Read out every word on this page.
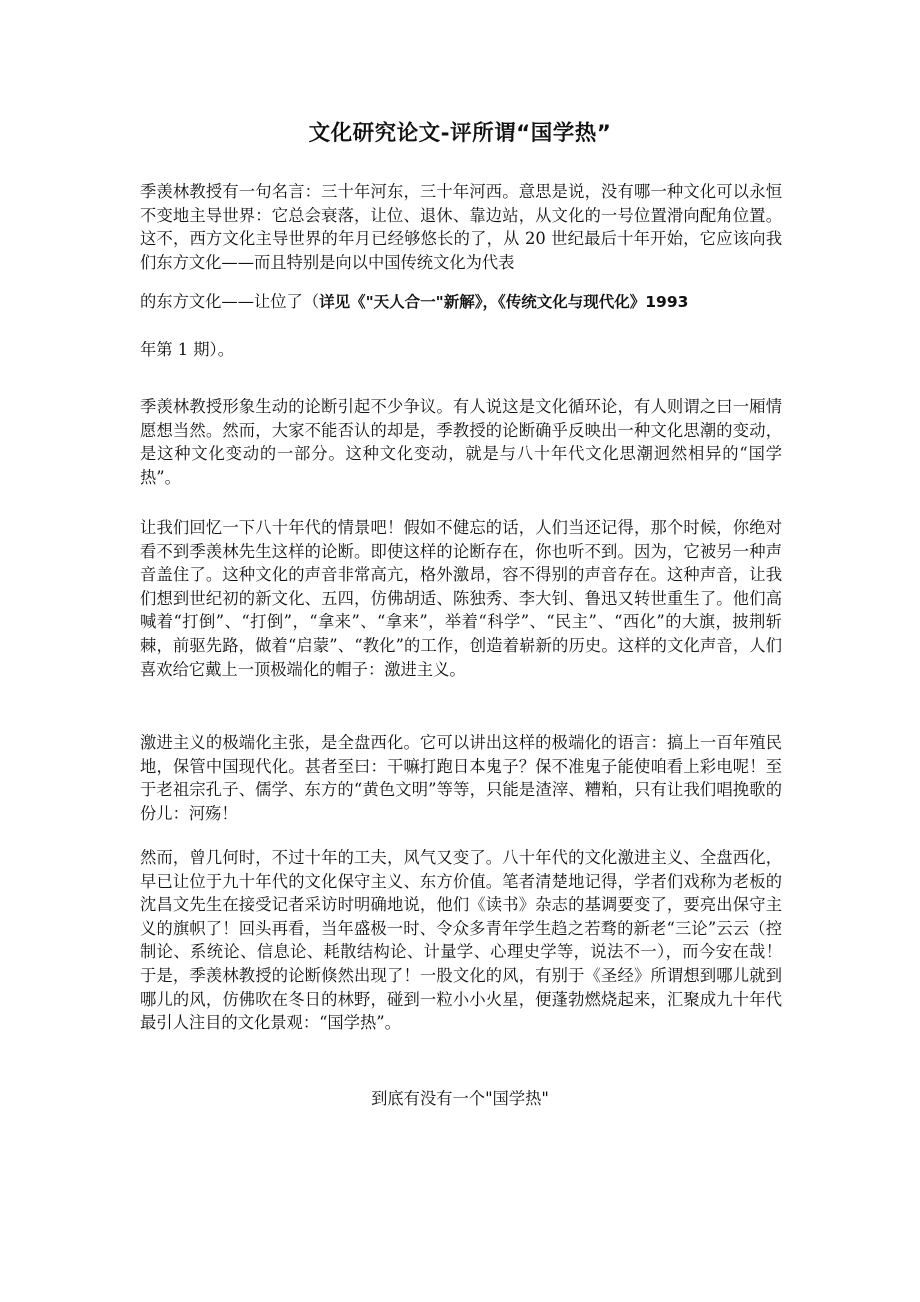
文化研究论文-评所谓“国学热”

季羡林教授有一句名言：三十年河东，三十年河西。意思是说，没有哪一种文化可以永恒不变地主导世界：它总会衰落，让位、退休、靠边站，从文化的一号位置滑向配角位置。这不，西方文化主导世界的年月已经够悠长的了，从 20 世纪最后十年开始，它应该向我们东方文化——而且特别是向以中国传统文化为代表

的东方文化——让位了（详见《"天人合一"新解》，《传统文化与现代化》1993

年第 1 期）。

季羡林教授形象生动的论断引起不少争议。有人说这是文化循环论，有人则谓之曰一厢情愿想当然。然而，大家不能否认的却是，季教授的论断确乎反映出一种文化思潮的变动，是这种文化变动的一部分。这种文化变动，就是与八十年代文化思潮迥然相异的“国学热”。

让我们回忆一下八十年代的情景吧！假如不健忘的话，人们当还记得，那个时候，你绝对看不到季羡林先生这样的论断。即使这样的论断存在，你也听不到。因为，它被另一种声音盖住了。这种文化的声音非常高亢，格外激昂，容不得别的声音存在。这种声音，让我们想到世纪初的新文化、五四，仿佛胡适、陈独秀、李大钊、鲁迅又转世重生了。他们高喊着“打倒”、“打倒”，“拿来”、“拿来”，举着“科学”、“民主”、“西化”的大旗，披荆斩棘，前驱先路，做着“启蒙”、“教化”的工作，创造着崭新的历史。这样的文化声音，人们喜欢给它戴上一顶极端化的帽子：激进主义。

激进主义的极端化主张，是全盘西化。它可以讲出这样的极端化的语言：搞上一百年殖民地，保管中国现代化。甚者至曰：干嘛打跑日本鬼子？保不准鬼子能使咱看上彩电呢！至于老祖宗孔子、儒学、东方的“黄色文明”等等，只能是渣滓、糟粕，只有让我们唱挽歌的份儿：河殇！

然而，曾几何时，不过十年的工夫，风气又变了。八十年代的文化激进主义、全盘西化，早已让位于九十年代的文化保守主义、东方价值。笔者清楚地记得，学者们戏称为老板的沈昌文先生在接受记者采访时明确地说，他们《读书》杂志的基调要变了，要亮出保守主义的旗帜了！回头再看，当年盛极一时、令众多青年学生趋之若骛的新老“三论”云云（控制论、系统论、信息论、耗散结构论、计量学、心理史学等，说法不一），而今安在哉！于是，季羡林教授的论断倏然出现了！一股文化的风，有别于《圣经》所谓想到哪儿就到哪儿的风，仿佛吹在冬日的林野，碰到一粒小小火星，便蓬勃燃烧起来，汇聚成九十年代最引人注目的文化景观：“国学热”。

到底有没有一个"国学热"
